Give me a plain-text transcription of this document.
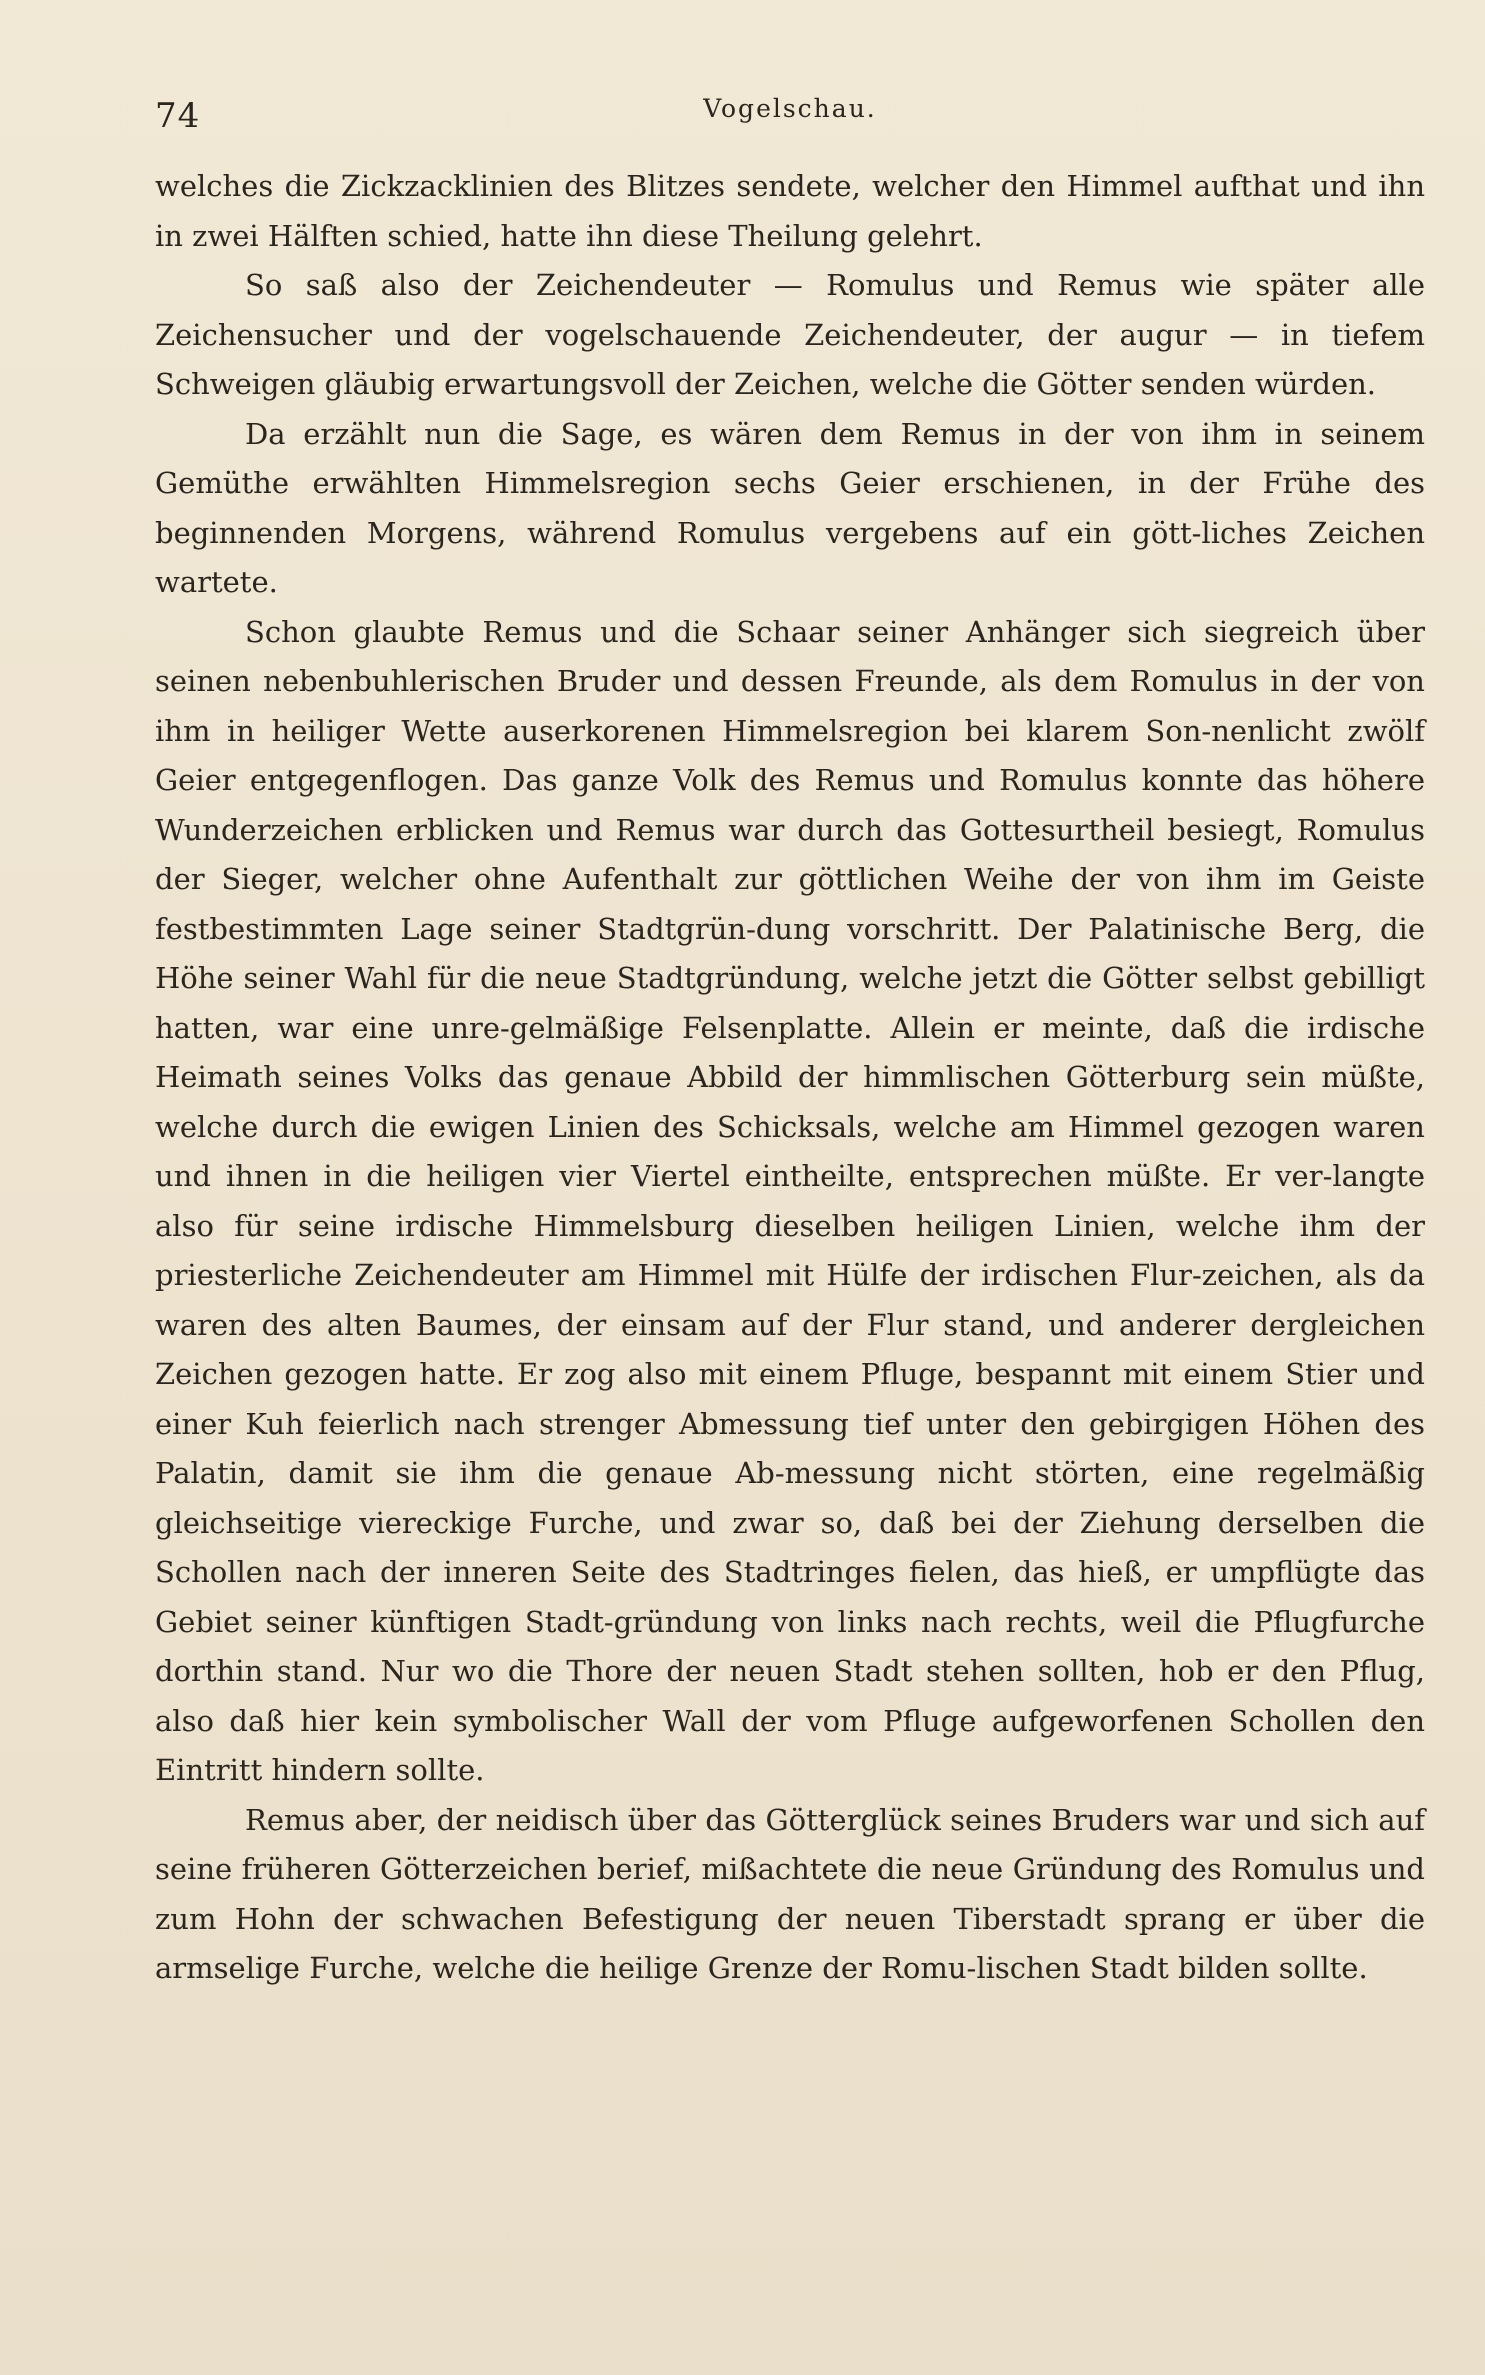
74	Vogelschau.

welches die Zickzacklinien des Blitzes sendete, welcher den Himmel aufthat und ihn in zwei Hälften schied, hatte ihn diese Theilung gelehrt.

So saß also der Zeichendeuter — Romulus und Remus wie später alle Zeichensucher und der vogelschauende Zeichendeuter, der augur — in tiefem Schweigen gläubig erwartungsvoll der Zeichen, welche die Götter senden würden.

Da erzählt nun die Sage, es wären dem Remus in der von ihm in seinem Gemüthe erwählten Himmelsregion sechs Geier erschienen, in der Frühe des beginnenden Morgens, während Romulus vergebens auf ein gött-liches Zeichen wartete.

Schon glaubte Remus und die Schaar seiner Anhänger sich siegreich über seinen nebenbuhlerischen Bruder und dessen Freunde, als dem Romulus in der von ihm in heiliger Wette auserkorenen Himmelsregion bei klarem Son-nenlicht zwölf Geier entgegenflogen. Das ganze Volk des Remus und Romulus konnte das höhere Wunderzeichen erblicken und Remus war durch das Gottesurtheil besiegt, Romulus der Sieger, welcher ohne Aufenthalt zur göttlichen Weihe der von ihm im Geiste festbestimmten Lage seiner Stadtgrün-dung vorschritt. Der Palatinische Berg, die Höhe seiner Wahl für die neue Stadtgründung, welche jetzt die Götter selbst gebilligt hatten, war eine unre-gelmäßige Felsenplatte. Allein er meinte, daß die irdische Heimath seines Volks das genaue Abbild der himmlischen Götterburg sein müßte, welche durch die ewigen Linien des Schicksals, welche am Himmel gezogen waren und ihnen in die heiligen vier Viertel eintheilte, entsprechen müßte. Er ver-langte also für seine irdische Himmelsburg dieselben heiligen Linien, welche ihm der priesterliche Zeichendeuter am Himmel mit Hülfe der irdischen Flur-zeichen, als da waren des alten Baumes, der einsam auf der Flur stand, und anderer dergleichen Zeichen gezogen hatte. Er zog also mit einem Pfluge, bespannt mit einem Stier und einer Kuh feierlich nach strenger Abmessung tief unter den gebirgigen Höhen des Palatin, damit sie ihm die genaue Ab-messung nicht störten, eine regelmäßig gleichseitige viereckige Furche, und zwar so, daß bei der Ziehung derselben die Schollen nach der inneren Seite des Stadtringes fielen, das hieß, er umpflügte das Gebiet seiner künftigen Stadt-gründung von links nach rechts, weil die Pflugfurche dorthin stand. Nur wo die Thore der neuen Stadt stehen sollten, hob er den Pflug, also daß hier kein symbolischer Wall der vom Pfluge aufgeworfenen Schollen den Eintritt hindern sollte.

Remus aber, der neidisch über das Götterglück seines Bruders war und sich auf seine früheren Götterzeichen berief, mißachtete die neue Gründung des Romulus und zum Hohn der schwachen Befestigung der neuen Tiberstadt sprang er über die armselige Furche, welche die heilige Grenze der Romu-lischen Stadt bilden sollte.
